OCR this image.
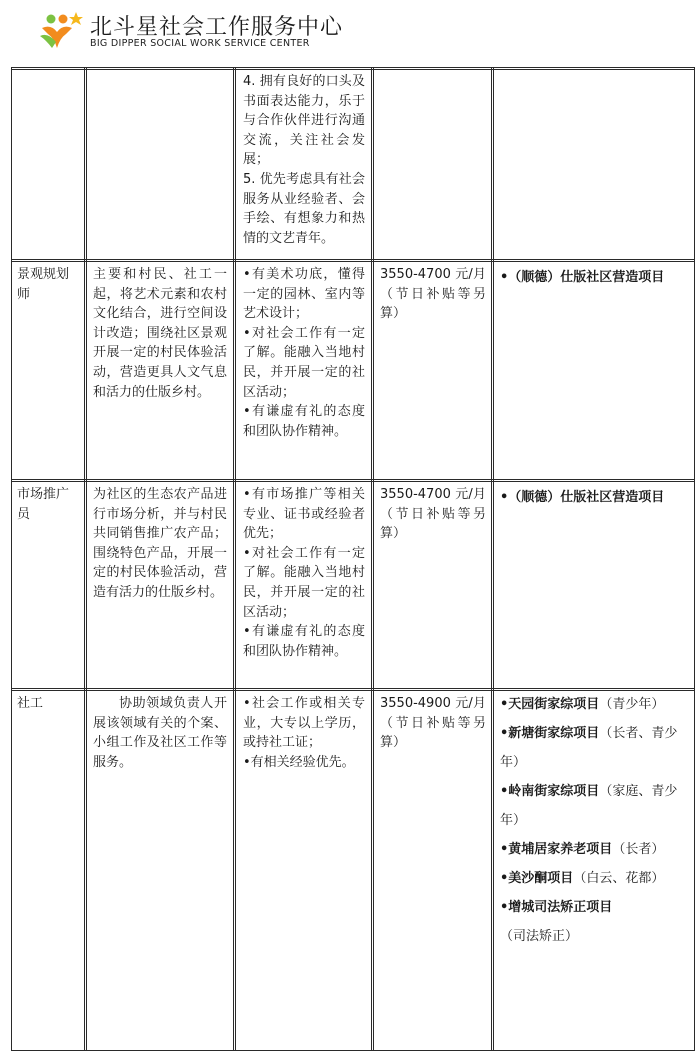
北斗星社会工作服务中心
BIG DIPPER SOCIAL WORK SERVICE CENTER

4. 拥有良好的口头及书面表达能力，乐于与合作伙伴进行沟通交流，关注社会发展；

5. 优先考虑具有社会服务从业经验者、会手绘、有想象力和热情的文艺青年。

景观规划师
主要和村民、社工一起，将艺术元素和农村文化结合，进行空间设计改造；围绕社区景观开展一定的村民体验活动，营造更具人文气息和活力的仕版乡村。

•有美术功底，懂得一定的园林、室内等艺术设计；

•对社会工作有一定了解。能融入当地村民，并开展一定的社区活动；

•有谦虚有礼的态度和团队协作精神。

3550-4700 元/月（节日补贴等另算）
•（顺德）仕版社区营造项目
市场推广员
为社区的生态农产品进行市场分析，并与村民共同销售推广农产品；围绕特色产品，开展一定的村民体验活动，营造有活力的仕版乡村。

•有市场推广等相关专业、证书或经验者优先；

•对社会工作有一定了解。能融入当地村民，并开展一定的社区活动；

•有谦虚有礼的态度和团队协作精神。

3550-4700 元/月（节日补贴等另算）
•（顺德）仕版社区营造项目
社工	协助领域负责人开展该领域有关的个案、小组工作及社区工作等服务。

•社会工作或相关专业，大专以上学历，或持社工证；

•有相关经验优先。

3550-4900 元/月（节日补贴等另算）
•天园街家综项目（青少年）
•新塘街家综项目（长者、青少年）
•岭南街家综项目（家庭、青少年）
•黄埔居家养老项目（长者）
•美沙酮项目（白云、花都）
•增城司法矫正项目（司法矫正）
